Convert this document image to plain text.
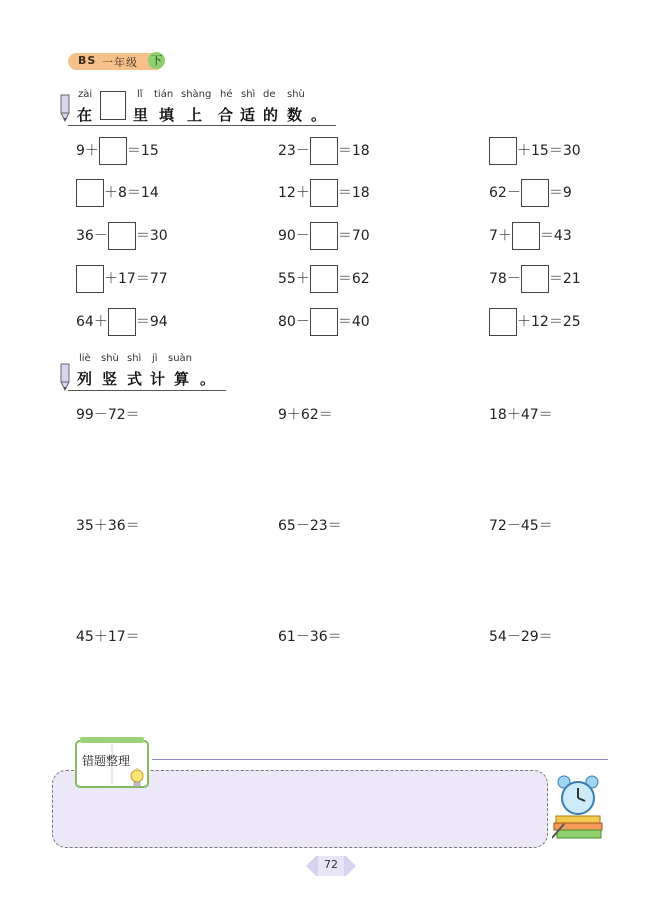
BS 一年级 下
zài	lǐ tián shàng hé shì de shù
在	里 填 上 合 适 的 数 。
9＋ ＝15	23－ ＝18	＋15＝30
＋8＝14	12＋ ＝18	62－ ＝9
36－ ＝30	90－ ＝70	7＋ ＝43
＋17＝77	55＋ ＝62	78－ ＝21
64＋ ＝94	80－ ＝40	＋12＝25
liè shù shì jì suàn
列 竖 式 计 算 。
99－72＝	9＋62＝	18＋47＝
35＋36＝	65－23＝	72－45＝
45＋17＝	61－36＝	54－29＝
错题整理
72
